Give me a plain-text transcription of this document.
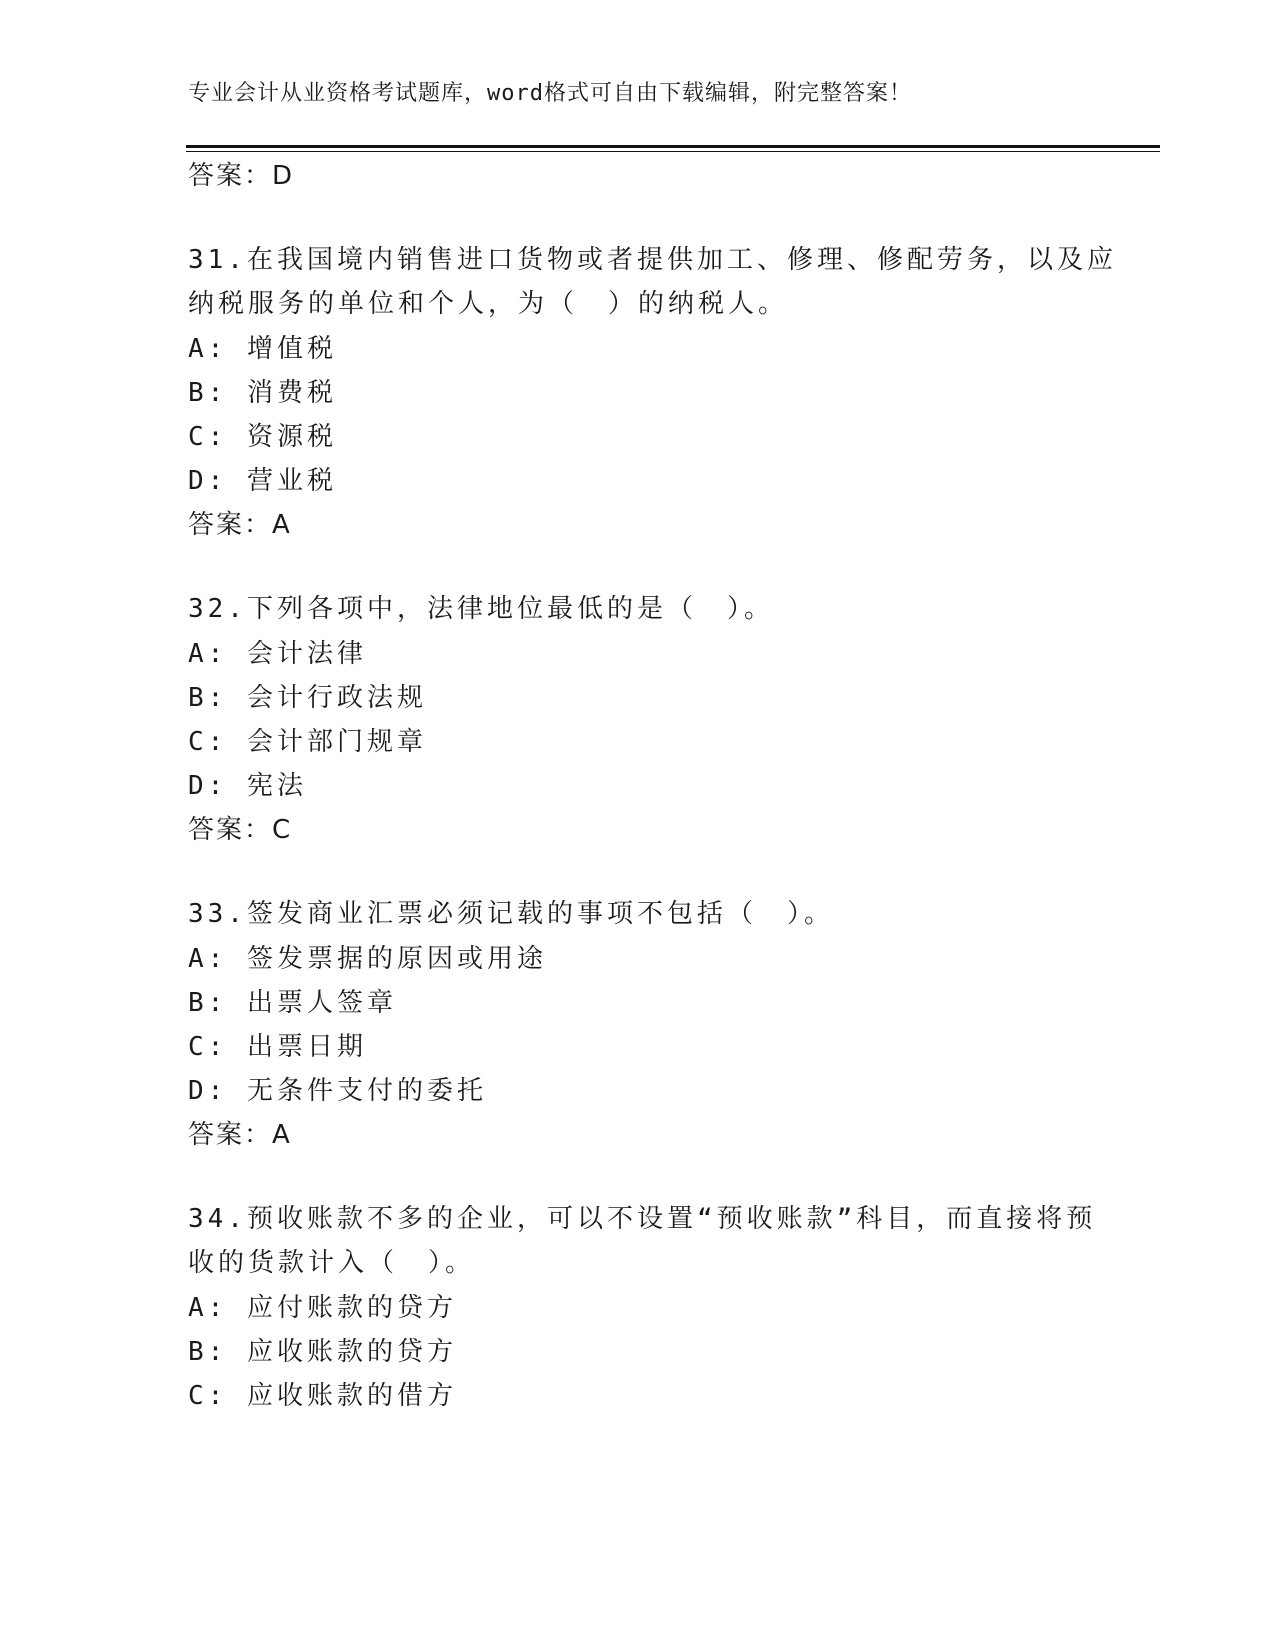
专业会计从业资格考试题库，word格式可自由下载编辑，附完整答案！
答案：D
31.在我国境内销售进口货物或者提供加工、修理、修配劳务，以及应
纳税服务的单位和个人，为（　）的纳税人。
A: 增值税
B: 消费税
C: 资源税
D: 营业税
答案：A
32.下列各项中，法律地位最低的是（　）。
A: 会计法律
B: 会计行政法规
C: 会计部门规章
D: 宪法
答案：C
33.签发商业汇票必须记载的事项不包括（　）。
A: 签发票据的原因或用途
B: 出票人签章
C: 出票日期
D: 无条件支付的委托
答案：A
34.预收账款不多的企业，可以不设置“预收账款”科目，而直接将预
收的货款计入（　）。
A: 应付账款的贷方
B: 应收账款的贷方
C: 应收账款的借方
